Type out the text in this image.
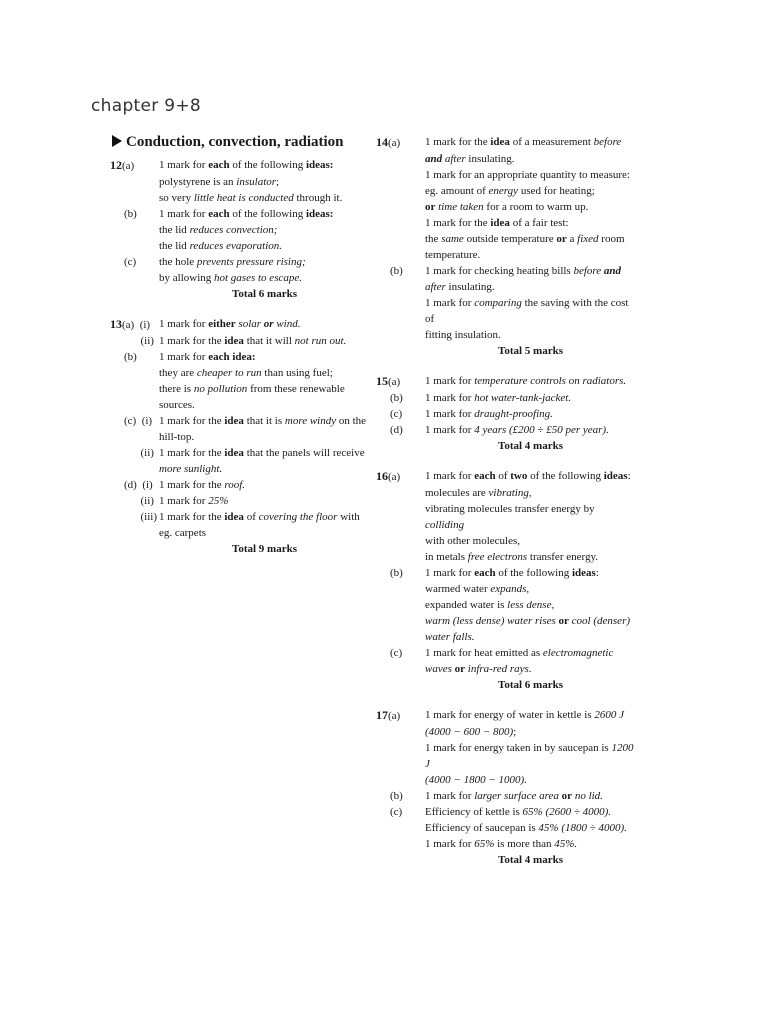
chapter 9+8
Conduction, convection, radiation
12(a)	1 mark for each of the following ideas:
polystyrene is an insulator;
so very little heat is conducted through it.
(b)	1 mark for each of the following ideas:
the lid reduces convection;
the lid reduces evaporation.
(c)	the hole prevents pressure rising;
by allowing hot gases to escape.
Total 6 marks
13(a)  (i) 1 mark for either solar or wind.
(ii) 1 mark for the idea that it will not run out.
(b)	1 mark for each idea:
they are cheaper to run than using fuel;
there is no pollution from these renewable
sources.
(c)  (i) 1 mark for the idea that it is more windy on the
hill-top.
(ii) 1 mark for the idea that the panels will receive
more sunlight.
(d)  (i) 1 mark for the roof.
(ii) 1 mark for 25%
(iii) 1 mark for the idea of covering the floor with
eg. carpets
Total 9 marks
14(a)	1 mark for the idea of a measurement before
and after insulating.
1 mark for an appropriate quantity to measure:
eg. amount of energy used for heating;
or time taken for a room to warm up.
1 mark for the idea of a fair test:
the same outside temperature or a fixed room
temperature.
(b)	1 mark for checking heating bills before and
after insulating.
1 mark for comparing the saving with the cost of
fitting insulation.
Total 5 marks
15(a)	1 mark for temperature controls on radiators.
(b)	1 mark for hot water-tank-jacket.
(c)	1 mark for draught-proofing.
(d)	1 mark for 4 years (£200 ÷ £50 per year).
Total 4 marks
16(a)	1 mark for each of two of the following ideas:
molecules are vibrating,
vibrating molecules transfer energy by colliding
with other molecules,
in metals free electrons transfer energy.
(b)	1 mark for each of the following ideas:
warmed water expands,
expanded water is less dense,
warm (less dense) water rises or cool (denser)
water falls.
(c)	1 mark for heat emitted as electromagnetic
waves or infra-red rays.
Total 6 marks
17(a)	1 mark for energy of water in kettle is 2600 J
(4000 − 600 − 800);
1 mark for energy taken in by saucepan is 1200 J
(4000 − 1800 − 1000).
(b)	1 mark for larger surface area or no lid.
(c)	Efficiency of kettle is 65% (2600 ÷ 4000).
Efficiency of saucepan is 45% (1800 ÷ 4000).
1 mark for 65% is more than 45%.
Total 4 marks
